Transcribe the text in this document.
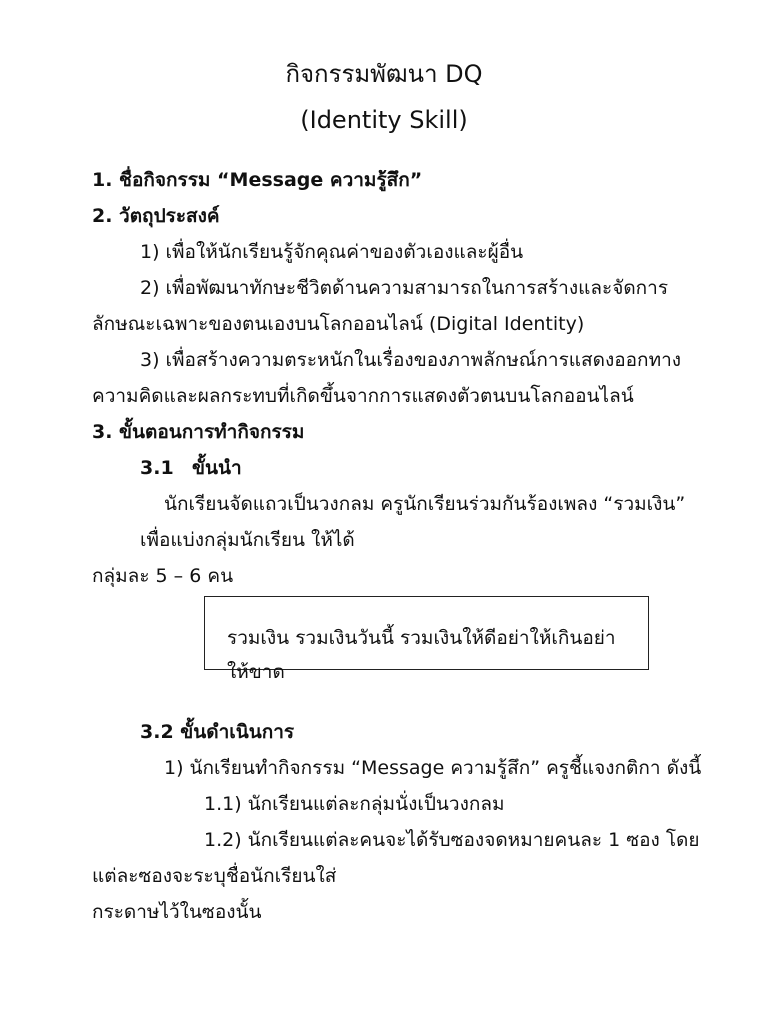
กิจกรรมพัฒนา DQ
(Identity Skill)
1. ชื่อกิจกรรม “Message ความรู้สึก”
2. วัตถุประสงค์
1) เพื่อให้นักเรียนรู้จักคุณค่าของตัวเองและผู้อื่น
2) เพื่อพัฒนาทักษะชีวิตด้านความสามารถในการสร้างและจัดการ
ลักษณะเฉพาะของตนเองบนโลกออนไลน์ (Digital Identity)
3) เพื่อสร้างความตระหนักในเรื่องของภาพลักษณ์การแสดงออกทาง
ความคิดและผลกระทบที่เกิดขึ้นจากการแสดงตัวตนบนโลกออนไลน์
3. ขั้นตอนการทำกิจกรรม
3.1 ขั้นนำ
นักเรียนจัดแถวเป็นวงกลม ครูนักเรียนร่วมกันร้องเพลง “รวมเงิน”
เพื่อแบ่งกลุ่มนักเรียน ให้ได้
กลุ่มละ 5 – 6 คน
รวมเงิน รวมเงินวันนี้ รวมเงินให้ดีอย่าให้เกินอย่าให้ขาด
3.2 ขั้นดำเนินการ
1) นักเรียนทำกิจกรรม “Message ความรู้สึก” ครูชี้แจงกติกา ดังนี้
1.1) นักเรียนแต่ละกลุ่มนั่งเป็นวงกลม
1.2) นักเรียนแต่ละคนจะได้รับซองจดหมายคนละ 1 ซอง โดย
แต่ละซองจะระบุชื่อนักเรียนใส่
กระดาษไว้ในซองนั้น
